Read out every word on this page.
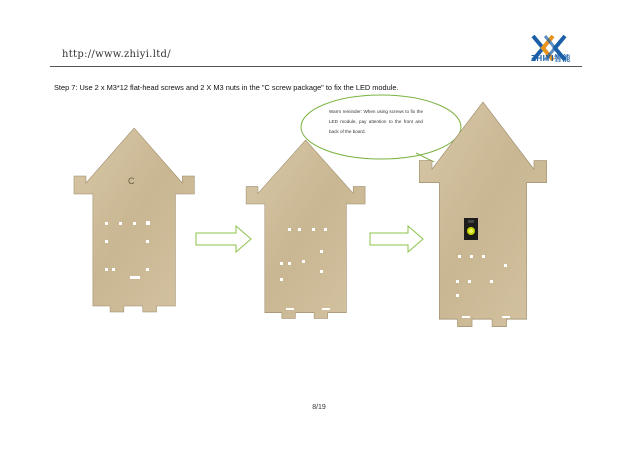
http://www.zhiyi.ltd/	ZHIYI智能
Step 7: Use 2 x M3*12 flat-head screws and 2 X M3 nuts in the "C screw package" to fix the LED module.
Warm reminder: When using screws to fix the LED module, pay attention to the front and back of the board.
C
8/19
